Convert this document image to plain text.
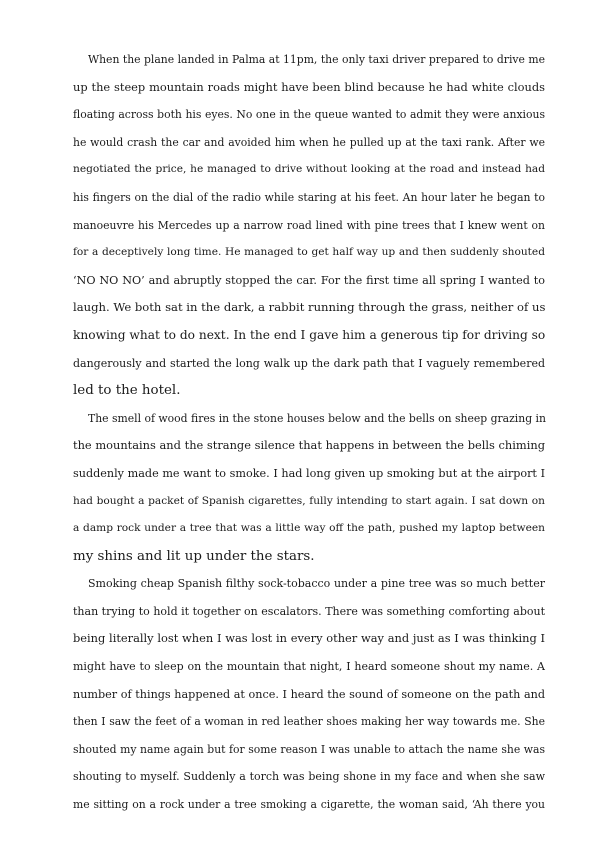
When the plane landed in Palma at 11pm, the only taxi driver prepared to drive me
up the steep mountain roads might have been blind because he had white clouds
floating across both his eyes. No one in the queue wanted to admit they were anxious
he would crash the car and avoided him when he pulled up at the taxi rank. After we
negotiated the price, he managed to drive without looking at the road and instead had
his fingers on the dial of the radio while staring at his feet. An hour later he began to
manoeuvre his Mercedes up a narrow road lined with pine trees that I knew went on
for a deceptively long time. He managed to get half way up and then suddenly shouted
‘NO NO NO’ and abruptly stopped the car. For the first time all spring I wanted to
laugh. We both sat in the dark, a rabbit running through the grass, neither of us
knowing what to do next. In the end I gave him a generous tip for driving so
dangerously and started the long walk up the dark path that I vaguely remembered
led to the hotel.
The smell of wood fires in the stone houses below and the bells on sheep grazing in
the mountains and the strange silence that happens in between the bells chiming
suddenly made me want to smoke. I had long given up smoking but at the airport I
had bought a packet of Spanish cigarettes, fully intending to start again. I sat down on
a damp rock under a tree that was a little way off the path, pushed my laptop between
my shins and lit up under the stars.
Smoking cheap Spanish filthy sock-tobacco under a pine tree was so much better
than trying to hold it together on escalators. There was something comforting about
being literally lost when I was lost in every other way and just as I was thinking I
might have to sleep on the mountain that night, I heard someone shout my name. A
number of things happened at once. I heard the sound of someone on the path and
then I saw the feet of a woman in red leather shoes making her way towards me. She
shouted my name again but for some reason I was unable to attach the name she was
shouting to myself. Suddenly a torch was being shone in my face and when she saw
me sitting on a rock under a tree smoking a cigarette, the woman said, ‘Ah there you
